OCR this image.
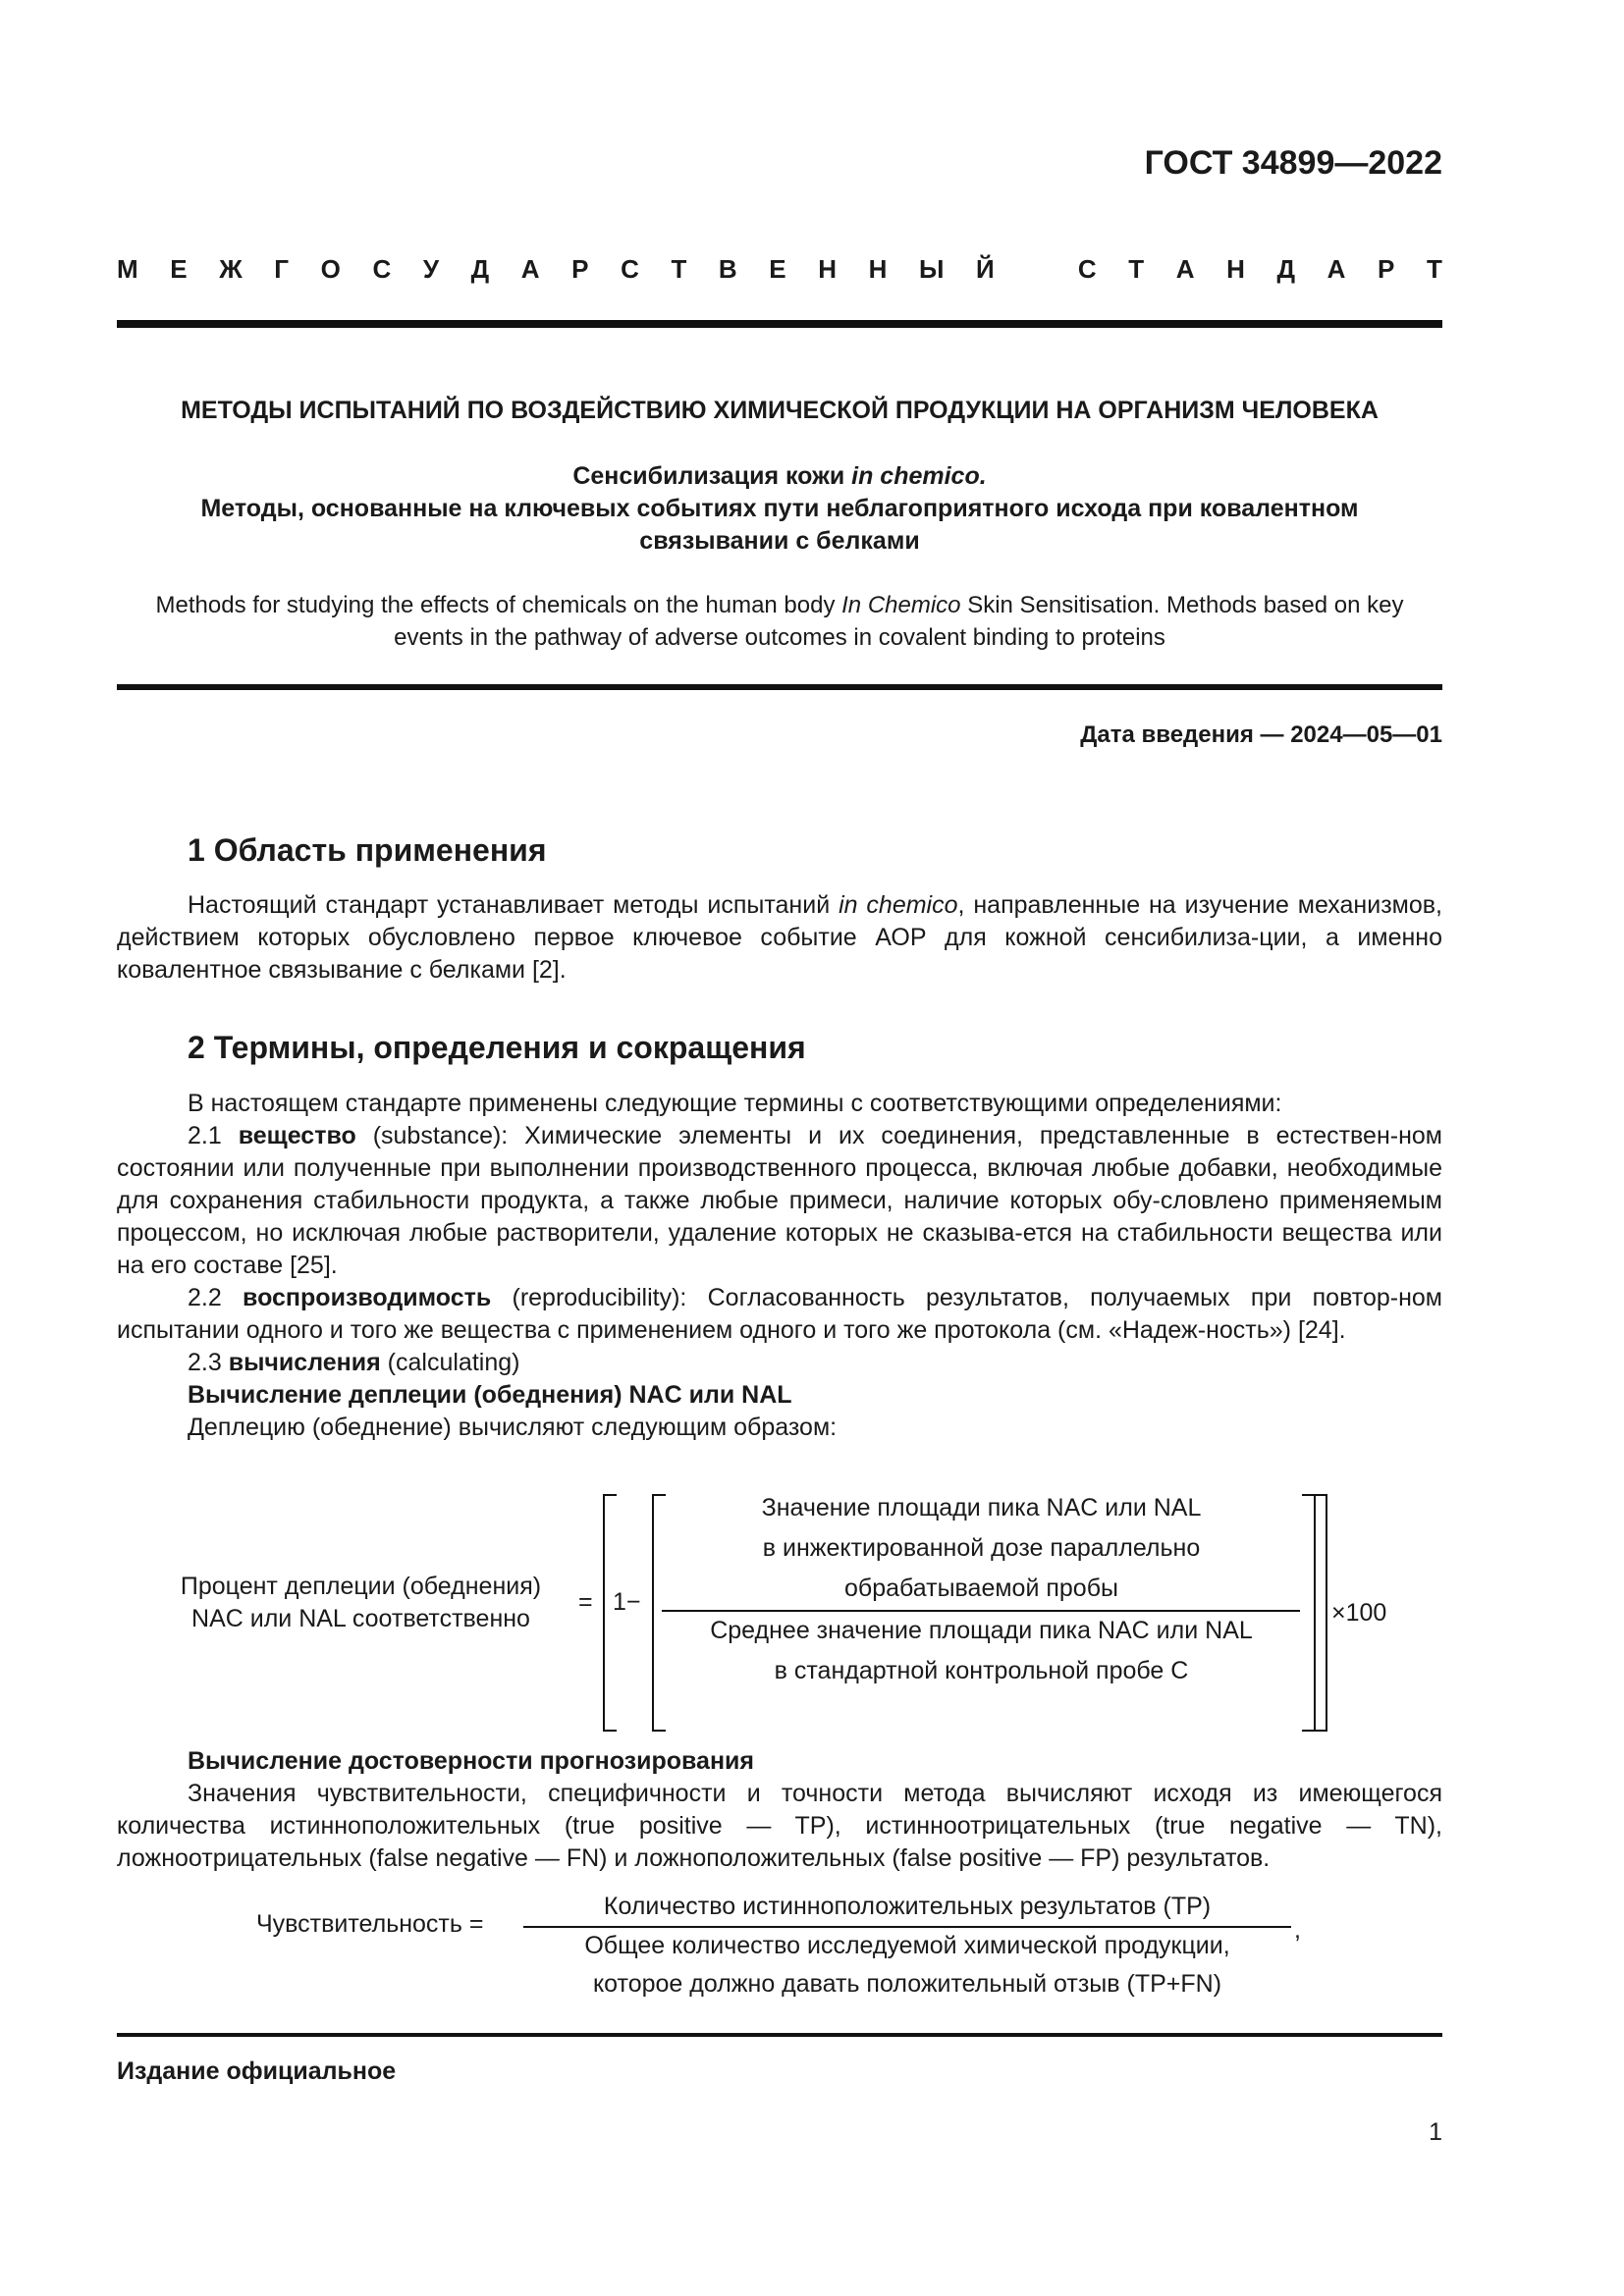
ГОСТ 34899—2022
М Е Ж Г О С У Д А Р С Т В Е Н Н Ы Й	С Т А Н Д А Р Т
МЕТОДЫ ИСПЫТАНИЙ ПО ВОЗДЕЙСТВИЮ ХИМИЧЕСКОЙ ПРОДУКЦИИ НА ОРГАНИЗМ ЧЕЛОВЕКА
Сенсибилизация кожи in chemico.
Методы, основанные на ключевых событиях пути неблагоприятного исхода при ковалентном
связывании с белками
Methods for studying the effects of chemicals on the human body In Chemico Skin Sensitisation. Methods based on key
events in the pathway of adverse outcomes in covalent binding to proteins
Дата введения — 2024—05—01
1 Область применения

Настоящий стандарт устанавливает методы испытаний in chemico, направленные на изучение механизмов, действием которых обусловлено первое ключевое событие АОР для кожной сенсибилиза-ции, а именно ковалентное связывание с белками [2].

2 Термины, определения и сокращения

В настоящем стандарте применены следующие термины с соответствующими определениями:

2.1 вещество (substance): Химические элементы и их соединения, представленные в естествен-ном состоянии или полученные при выполнении производственного процесса, включая любые добавки, необходимые для сохранения стабильности продукта, а также любые примеси, наличие которых обу-словлено применяемым процессом, но исключая любые растворители, удаление которых не сказыва-ется на стабильности вещества или на его составе [25].

2.2 воспроизводимость (reproducibility): Согласованность результатов, получаемых при повтор-ном испытании одного и того же вещества с применением одного и того же протокола (см. «Надеж-ность») [24].

2.3 вычисления (calculating)

Вычисление деплеции (обеднения) NAC или NAL

Деплецию (обеднение) вычисляют следующим образом:

Процент деплеции (обеднения)
NAC или NAL соответственно
= 1−
Значение площади пика NAC или NAL
в инжектированной дозе параллельно
обрабатываемой пробы
Среднее значение площади пика NAC или NAL
в стандартной контрольной пробе С
×100

Вычисление достоверности прогнозирования

Значения чувствительности, специфичности и точности метода вычисляют исходя из имеющегося количества истинноположительных (true positive — TP), истинноотрицательных (true negative — TN), ложноотрицательных (false negative — FN) и ложноположительных (false positive — FP) результатов.

Чувствительность =
Количество истинноположительных результатов (TP)
Общее количество исследуемой химической продукции,
которое должно давать положительный отзыв (TP+FN)
,
Издание официальное
1
